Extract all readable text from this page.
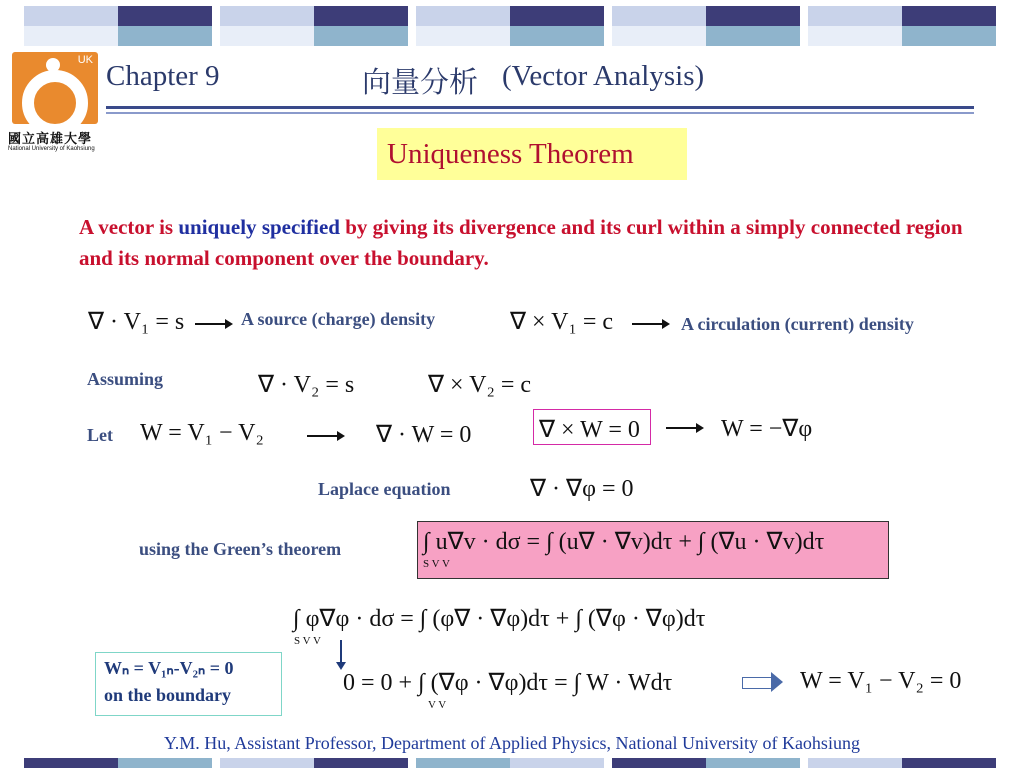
UK
國立高雄大學
National University of Kaohsiung
Chapter 9	向量分析 (Vector Analysis)
Uniqueness Theorem
A vector is uniquely specified by giving its divergence and its curl within a simply connected region and its normal component over the boundary.
∇ · V₁ = s	A source (charge) density	∇ × V₁ = c	A circulation (current) density
Assuming	∇ · V₂ = s	∇ × V₂ = c
Let W = V₁ − V₂	∇ · W = 0	∇ × W = 0	W = −∇φ
Laplace equation	∇ · ∇φ = 0
using the Green’s theorem	∫ u∇v · dσ = ∫ (u∇ · ∇v)dτ + ∫ (∇u · ∇v)dτ
S V V
∫ φ∇φ · dσ = ∫ (φ∇ · ∇φ)dτ + ∫ (∇φ · ∇φ)dτ
S V V
Wₙ = V₁ₙ-V₂ₙ = 0
on the boundary	0 = 0 + ∫ (∇φ · ∇φ)dτ = ∫ W · Wdτ
V V
W = V₁ − V₂ = 0
Y.M. Hu, Assistant Professor, Department of Applied Physics, National University of Kaohsiung
